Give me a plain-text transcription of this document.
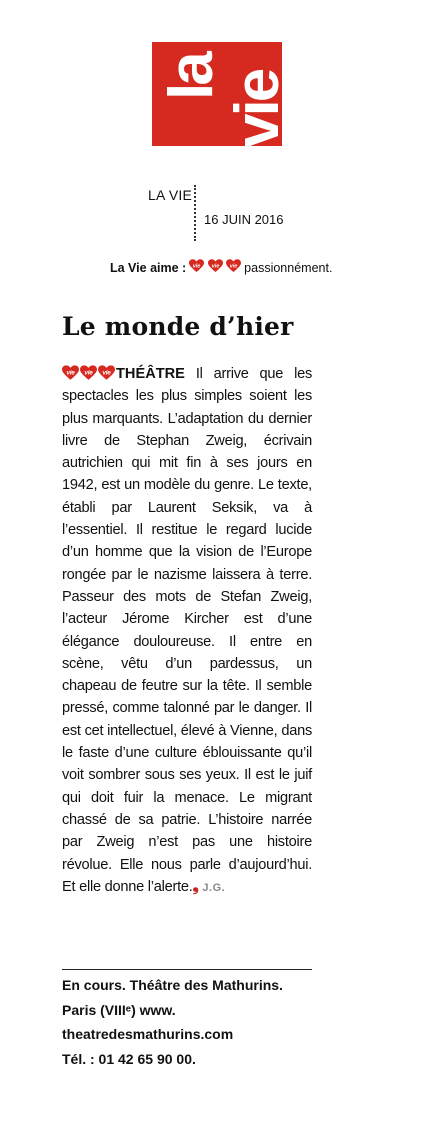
la
vie
LA VIE
16 JUIN 2016
La Vie aime :
	passionnément.
Le monde d’hier

THÉÂTRE Il arrive que les spectacles les plus simples soient les plus marquants. L’adaptation du dernier livre de Stephan Zweig, écrivain autrichien qui mit fin à ses jours en 1942, est un modèle du genre. Le texte, établi par Laurent Seksik, va à l’essentiel. Il restitue le regard lucide d’un homme que la vision de l’Europe rongée par le nazisme laissera à terre. Passeur des mots de Stefan Zweig, l’acteur Jérome Kircher est d’une élégance douloureuse. Il entre en scène, vêtu d’un pardessus, un chapeau de feutre sur la tête. Il semble pressé, comme talonné par le danger. Il est cet intellectuel, élevé à Vienne, dans le faste d’une culture éblouissante qu’il voit sombrer sous ses yeux. Il est le juif qui doit fuir la menace. Le migrant chassé de sa patrie. L’histoire narrée par Zweig n’est pas une histoire révolue. Elle nous parle d’aujourd’hui. Et elle donne l’alerte.❟ J.G.

En cours. Théâtre des Mathurins.
Paris (VIIIᵉ) www.
theatredesmathurins.com
Tél. : 01 42 65 90 00.
